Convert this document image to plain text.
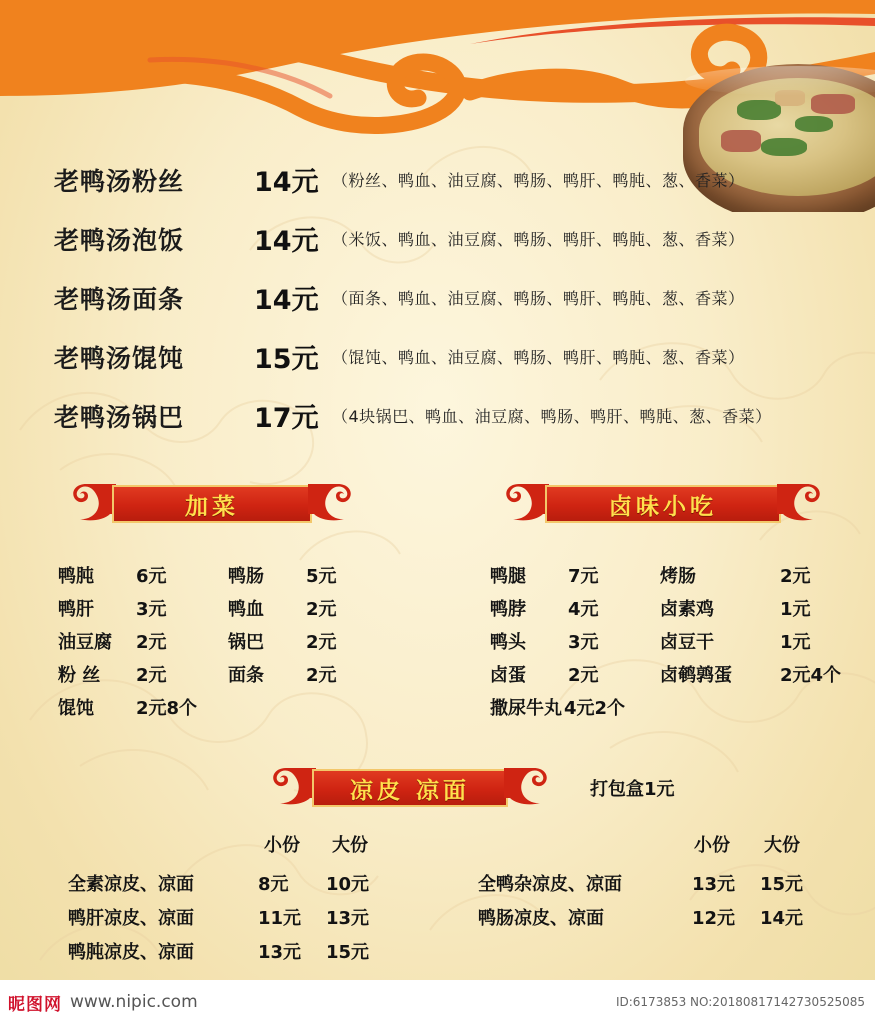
老鸭汤粉丝	14元 （粉丝、鸭血、油豆腐、鸭肠、鸭肝、鸭肫、葱、香菜）
老鸭汤泡饭	14元 （米饭、鸭血、油豆腐、鸭肠、鸭肝、鸭肫、葱、香菜）
老鸭汤面条	14元 （面条、鸭血、油豆腐、鸭肠、鸭肝、鸭肫、葱、香菜）
老鸭汤馄饨	15元 （馄饨、鸭血、油豆腐、鸭肠、鸭肝、鸭肫、葱、香菜）
老鸭汤锅巴	17元 （4块锅巴、鸭血、油豆腐、鸭肠、鸭肝、鸭肫、葱、香菜）
加菜	卤味小吃
鸭肫	6元	鸭肠	5元
鸭肝	3元	鸭血	2元
油豆腐	2元	锅巴	2元
粉 丝	2元	面条	2元
馄饨	2元8个
鸭腿	7元	烤肠	2元
鸭脖	4元	卤素鸡	1元
鸭头	3元	卤豆干	1元
卤蛋	2元	卤鹌鹑蛋	2元4个
撒尿牛丸 4元2个
凉皮 凉面	打包盒1元
小份 大份	小份 大份
全素凉皮、凉面	8元	10元
鸭肝凉皮、凉面	11元	13元
鸭肫凉皮、凉面	13元	15元
全鸭杂凉皮、凉面	13元	15元
鸭肠凉皮、凉面	12元	14元
昵图网 www.nipic.com	ID:6173853 NO:20180817142730525085
